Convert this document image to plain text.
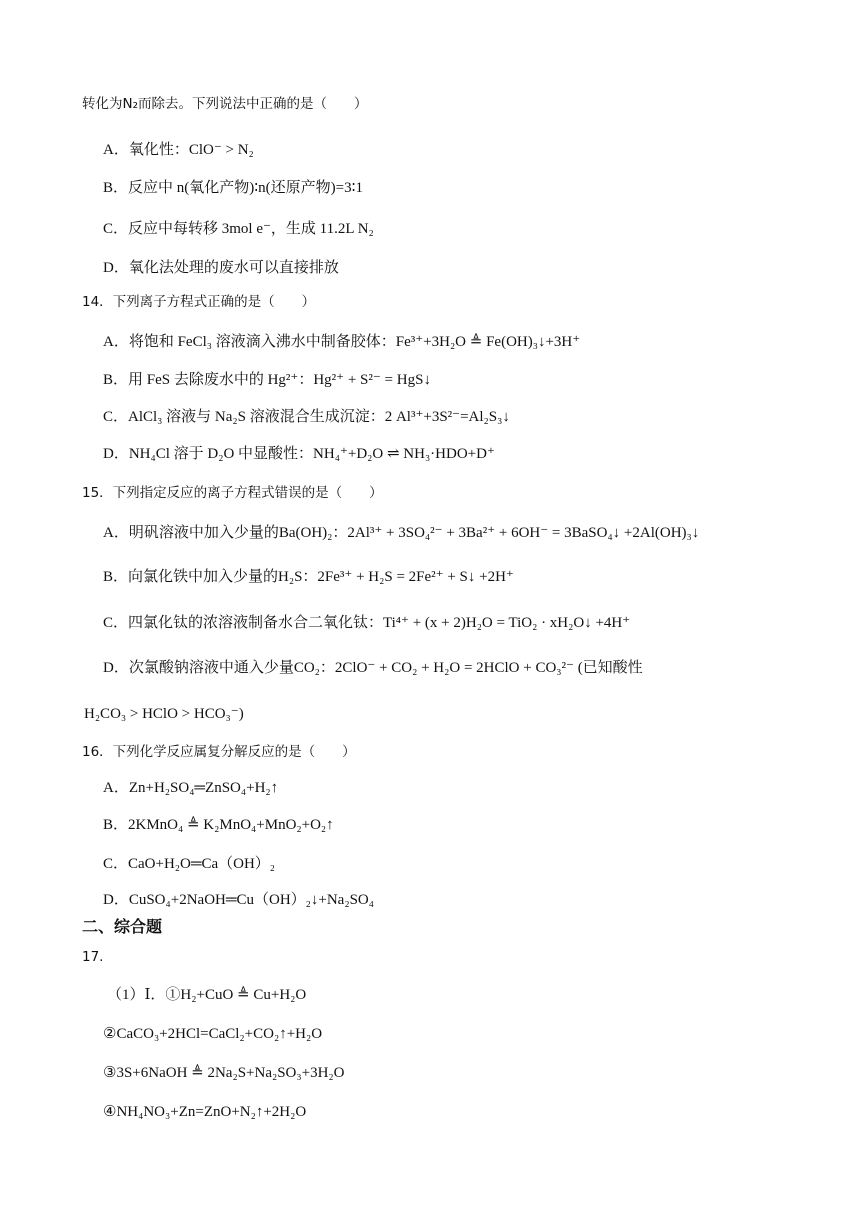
转化为N₂而除去。下列说法中正确的是（　　）
A．氧化性：ClO⁻ > N₂
B．反应中 n(氧化产物)∶n(还原产物)=3∶1
C．反应中每转移 3mol e⁻，生成 11.2L N₂
D．氧化法处理的废水可以直接排放
14．下列离子方程式正确的是（　　）
A．将饱和 FeCl₃ 溶液滴入沸水中制备胶体：Fe³⁺+3H₂O ≜ Fe(OH)₃↓+3H⁺
B．用 FeS 去除废水中的 Hg²⁺：Hg²⁺ + S²⁻ = HgS↓
C．AlCl₃ 溶液与 Na₂S 溶液混合生成沉淀：2 Al³⁺+3S²⁻=Al₂S₃↓
D．NH₄Cl 溶于 D₂O 中显酸性：NH₄⁺+D₂O ⇌ NH₃·HDO+D⁺
15．下列指定反应的离子方程式错误的是（　　）
A．明矾溶液中加入少量的Ba(OH)₂：2Al³⁺ + 3SO₄²⁻ + 3Ba²⁺ + 6OH⁻ = 3BaSO₄↓ +2Al(OH)₃↓
B．向氯化铁中加入少量的H₂S：2Fe³⁺ + H₂S = 2Fe²⁺ + S↓ +2H⁺
C．四氯化钛的浓溶液制备水合二氧化钛：Ti⁴⁺ + (x + 2)H₂O = TiO₂ · xH₂O↓ +4H⁺
D．次氯酸钠溶液中通入少量CO₂：2ClO⁻ + CO₂ + H₂O = 2HClO + CO₃²⁻ (已知酸性
H₂CO₃ > HClO > HCO₃⁻)
16．下列化学反应属复分解反应的是（　　）
A．Zn+H₂SO₄═ZnSO₄+H₂↑
B．2KMnO₄ ≜ K₂MnO₄+MnO₂+O₂↑
C．CaO+H₂O═Ca（OH）₂
D．CuSO₄+2NaOH═Cu（OH）₂↓+Na₂SO₄
二、综合题
17.
（1）Ⅰ．①H₂+CuO ≜ Cu+H₂O
②CaCO₃+2HCl=CaCl₂+CO₂↑+H₂O
③3S+6NaOH ≜ 2Na₂S+Na₂SO₃+3H₂O
④NH₄NO₃+Zn=ZnO+N₂↑+2H₂O
